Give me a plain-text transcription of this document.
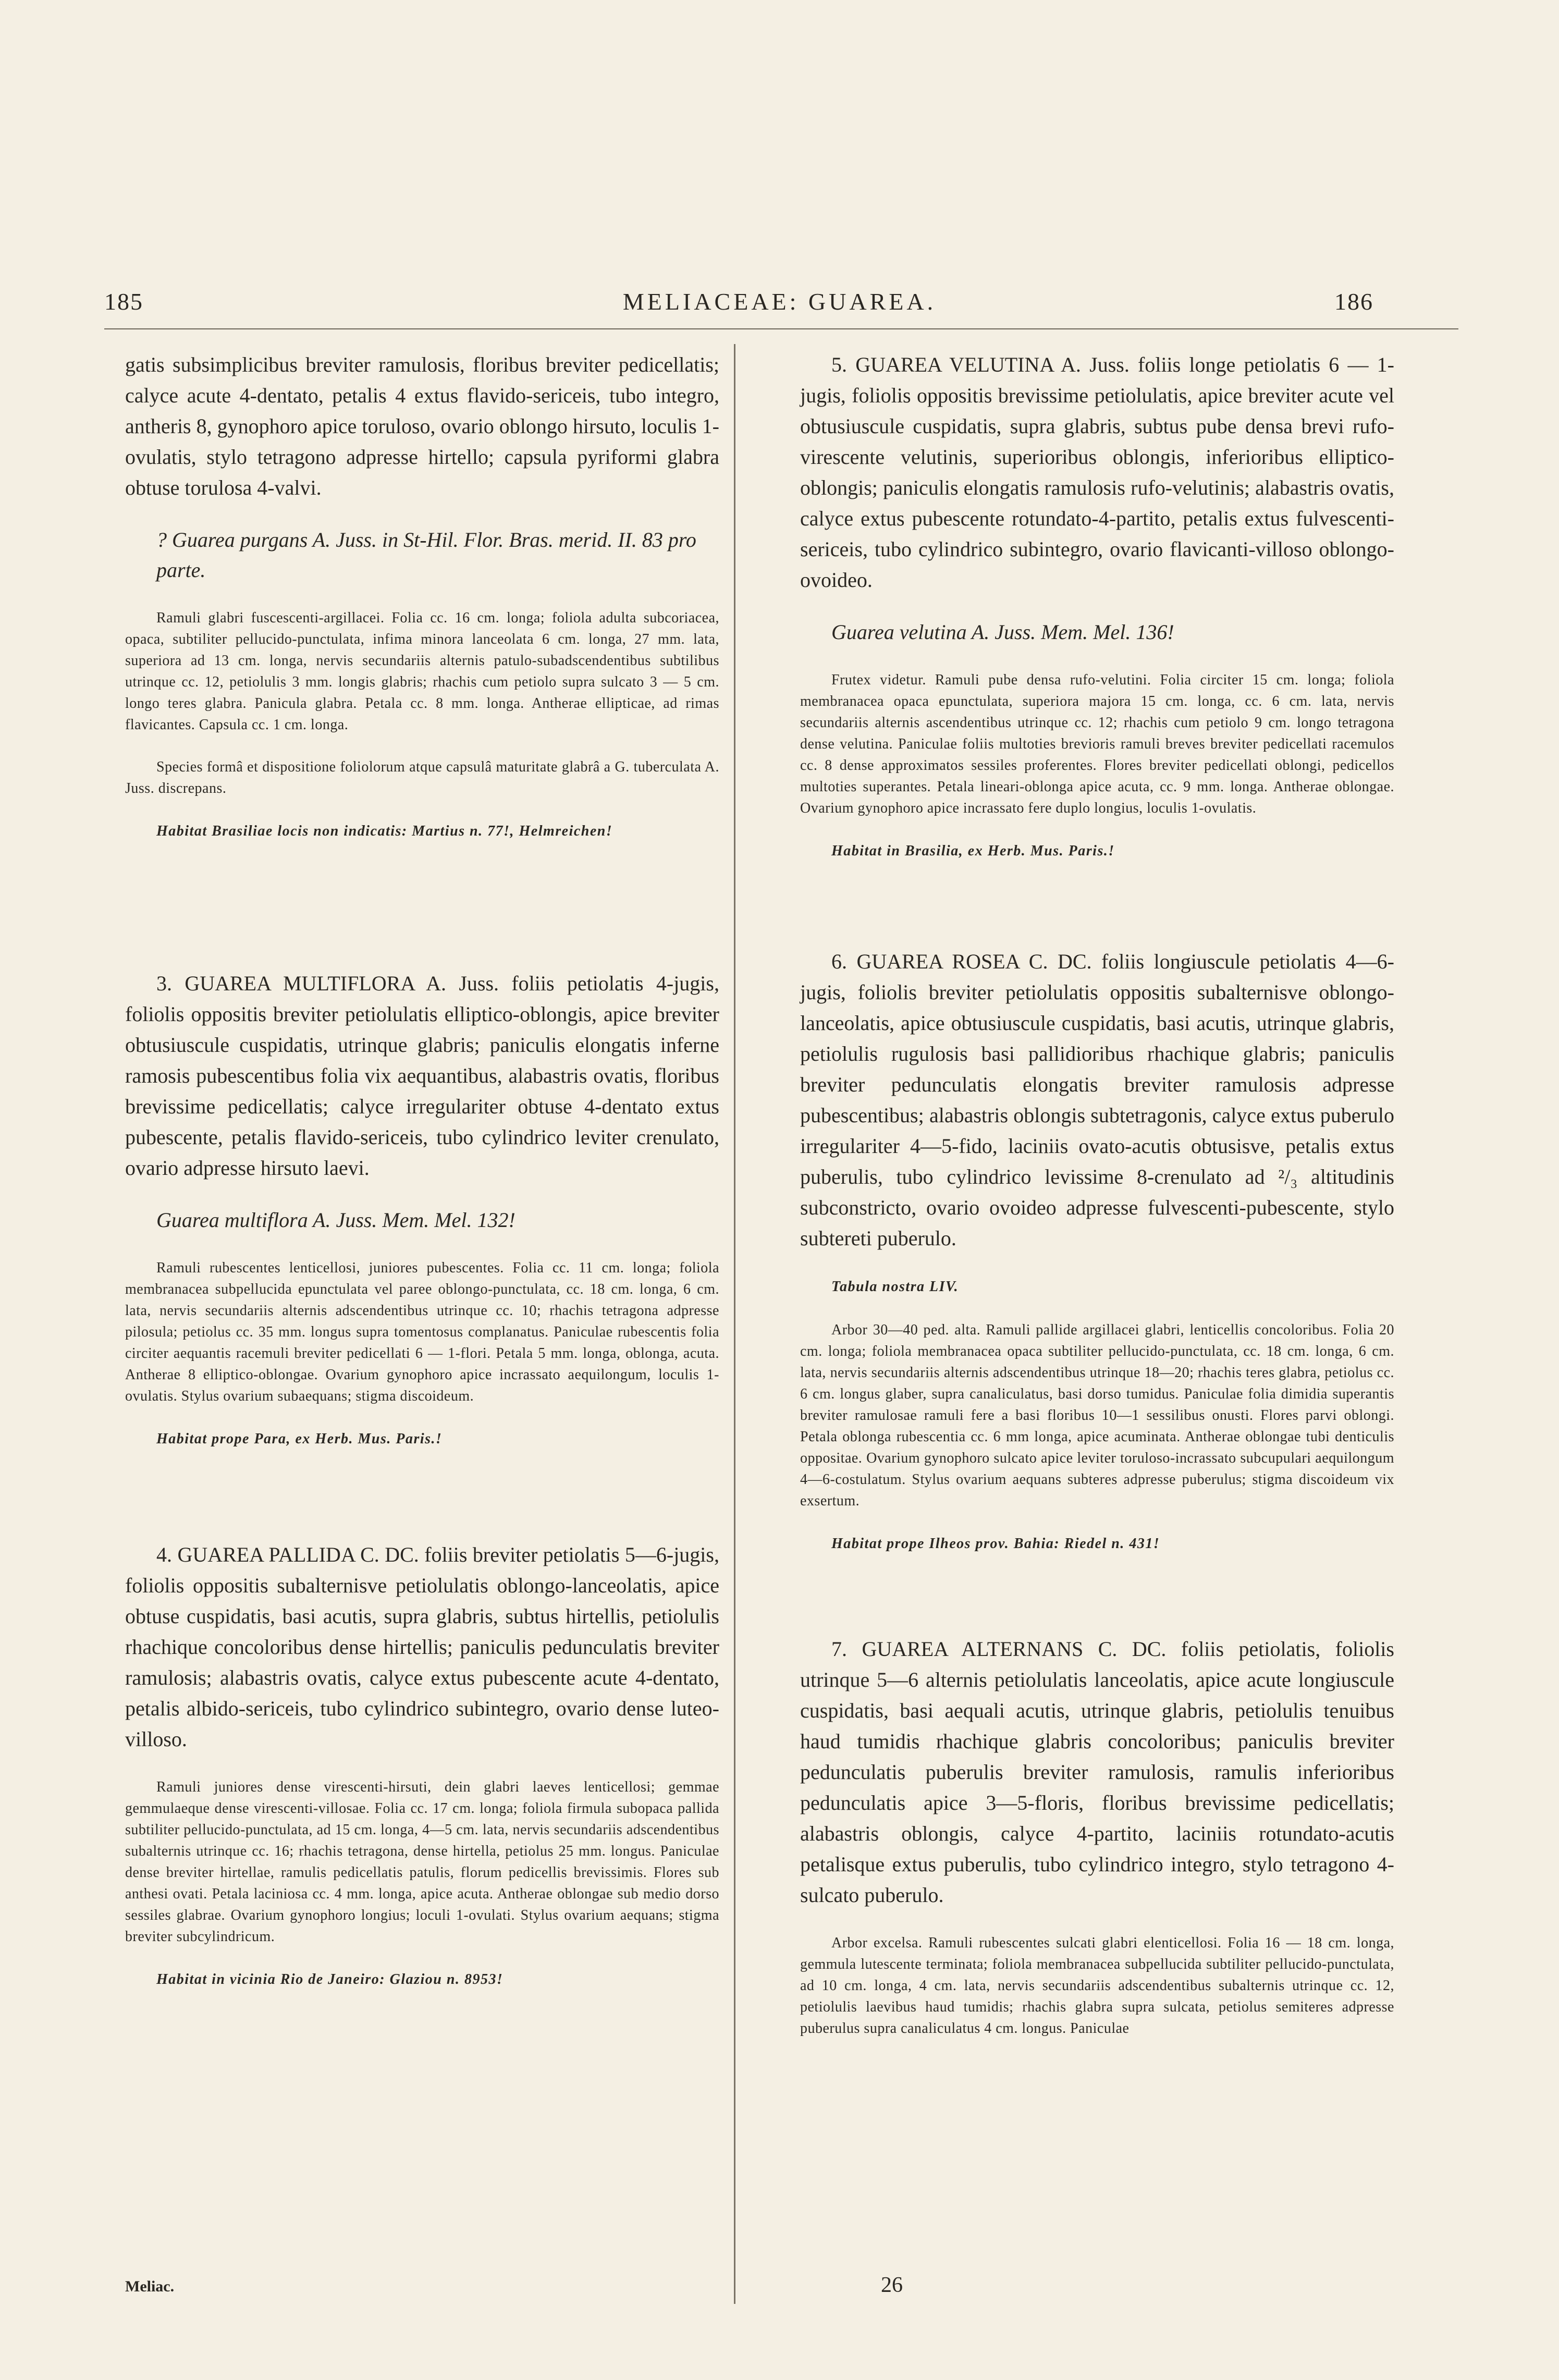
MELIACEAE: GUAREA.
185	186

gatis subsimplicibus breviter ramulosis, floribus breviter pedicellatis; calyce acute 4-dentato, petalis 4 extus flavido-sericeis, tubo integro, antheris 8, gynophoro apice toruloso, ovario oblongo hirsuto, loculis 1-ovulatis, stylo tetragono adpresse hirtello; capsula pyriformi glabra obtuse torulosa 4-valvi.

? Guarea purgans A. Juss. in St-Hil. Flor. Bras. merid. II. 83 pro parte.

Ramuli glabri fuscescenti-argillacei. Folia cc. 16 cm. longa; foliola adulta subcoriacea, opaca, subtiliter pellucido-punctulata, infima minora lanceolata 6 cm. longa, 27 mm. lata, superiora ad 13 cm. longa, nervis secundariis alternis patulo-subadscendentibus subtilibus utrinque cc. 12, petiolulis 3 mm. longis glabris; rhachis cum petiolo supra sulcato 3 — 5 cm. longo teres glabra. Panicula glabra. Petala cc. 8 mm. longa. Antherae ellipticae, ad rimas flavicantes. Capsula cc. 1 cm. longa.

Species formâ et dispositione foliolorum atque capsulâ maturitate glabrâ a G. tuberculata A. Juss. discrepans.

Habitat Brasiliae locis non indicatis: Martius n. 77!, Helmreichen!

3. GUAREA MULTIFLORA A. Juss. foliis petiolatis 4-jugis, foliolis oppositis breviter petiolulatis elliptico-oblongis, apice breviter obtusiuscule cuspidatis, utrinque glabris; paniculis elongatis inferne ramosis pubescentibus folia vix aequantibus, alabastris ovatis, floribus brevissime pedicellatis; calyce irregulariter obtuse 4-dentato extus pubescente, petalis flavido-sericeis, tubo cylindrico leviter crenulato, ovario adpresse hirsuto laevi.

Guarea multiflora A. Juss. Mem. Mel. 132!

Ramuli rubescentes lenticellosi, juniores pubescentes. Folia cc. 11 cm. longa; foliola membranacea subpellucida epunctulata vel paree oblongo-punctulata, cc. 18 cm. longa, 6 cm. lata, nervis secundariis alternis adscendentibus utrinque cc. 10; rhachis tetragona adpresse pilosula; petiolus cc. 35 mm. longus supra tomentosus complanatus. Paniculae rubescentis folia circiter aequantis racemuli breviter pedicellati 6 — 1-flori. Petala 5 mm. longa, oblonga, acuta. Antherae 8 elliptico-oblongae. Ovarium gynophoro apice incrassato aequilongum, loculis 1-ovulatis. Stylus ovarium subaequans; stigma discoideum.

Habitat prope Para, ex Herb. Mus. Paris.!

4. GUAREA PALLIDA C. DC. foliis breviter petiolatis 5—6-jugis, foliolis oppositis subalternisve petiolulatis oblongo-lanceolatis, apice obtuse cuspidatis, basi acutis, supra glabris, subtus hirtellis, petiolulis rhachique concoloribus dense hirtellis; paniculis pedunculatis breviter ramulosis; alabastris ovatis, calyce extus pubescente acute 4-dentato, petalis albido-sericeis, tubo cylindrico subintegro, ovario dense luteo-villoso.

Ramuli juniores dense virescenti-hirsuti, dein glabri laeves lenticellosi; gemmae gemmulaeque dense virescenti-villosae. Folia cc. 17 cm. longa; foliola firmula subopaca pallida subtiliter pellucido-punctulata, ad 15 cm. longa, 4—5 cm. lata, nervis secundariis adscendentibus subalternis utrinque cc. 16; rhachis tetragona, dense hirtella, petiolus 25 mm. longus. Paniculae dense breviter hirtellae, ramulis pedicellatis patulis, florum pedicellis brevissimis. Flores sub anthesi ovati. Petala laciniosa cc. 4 mm. longa, apice acuta. Antherae oblongae sub medio dorso sessiles glabrae. Ovarium gynophoro longius; loculi 1-ovulati. Stylus ovarium aequans; stigma breviter subcylindricum.

Habitat in vicinia Rio de Janeiro: Glaziou n. 8953!

5. GUAREA VELUTINA A. Juss. foliis longe petiolatis 6 — 1-jugis, foliolis oppositis brevissime petiolulatis, apice breviter acute vel obtusiuscule cuspidatis, supra glabris, subtus pube densa brevi rufo-virescente velutinis, superioribus oblongis, inferioribus elliptico-oblongis; paniculis elongatis ramulosis rufo-velutinis; alabastris ovatis, calyce extus pubescente rotundato-4-partito, petalis extus fulvescenti-sericeis, tubo cylindrico subintegro, ovario flavicanti-villoso oblongo-ovoideo.

Guarea velutina A. Juss. Mem. Mel. 136!

Frutex videtur. Ramuli pube densa rufo-velutini. Folia circiter 15 cm. longa; foliola membranacea opaca epunctulata, superiora majora 15 cm. longa, cc. 6 cm. lata, nervis secundariis alternis ascendentibus utrinque cc. 12; rhachis cum petiolo 9 cm. longo tetragona dense velutina. Paniculae foliis multoties brevioris ramuli breves breviter pedicellati racemulos cc. 8 dense approximatos sessiles proferentes. Flores breviter pedicellati oblongi, pedicellos multoties superantes. Petala lineari-oblonga apice acuta, cc. 9 mm. longa. Antherae oblongae. Ovarium gynophoro apice incrassato fere duplo longius, loculis 1-ovulatis.

Habitat in Brasilia, ex Herb. Mus. Paris.!

6. GUAREA ROSEA C. DC. foliis longiuscule petiolatis 4—6-jugis, foliolis breviter petiolulatis oppositis subalternisve oblongo-lanceolatis, apice obtusiuscule cuspidatis, basi acutis, utrinque glabris, petiolulis rugulosis basi pallidioribus rhachique glabris; paniculis breviter pedunculatis elongatis breviter ramulosis adpresse pubescentibus; alabastris oblongis subtetragonis, calyce extus puberulo irregulariter 4—5-fido, laciniis ovato-acutis obtusisve, petalis extus puberulis, tubo cylindrico levissime 8-crenulato ad ²/₃ altitudinis subconstricto, ovario ovoideo adpresse fulvescenti-pubescente, stylo subtereti puberulo.

Tabula nostra LIV.

Arbor 30—40 ped. alta. Ramuli pallide argillacei glabri, lenticellis concoloribus. Folia 20 cm. longa; foliola membranacea opaca subtiliter pellucido-punctulata, cc. 18 cm. longa, 6 cm. lata, nervis secundariis alternis adscendentibus utrinque 18—20; rhachis teres glabra, petiolus cc. 6 cm. longus glaber, supra canaliculatus, basi dorso tumidus. Paniculae folia dimidia superantis breviter ramulosae ramuli fere a basi floribus 10—1 sessilibus onusti. Flores parvi oblongi. Petala oblonga rubescentia cc. 6 mm longa, apice acuminata. Antherae oblongae tubi denticulis oppositae. Ovarium gynophoro sulcato apice leviter toruloso-incrassato subcupulari aequilongum 4—6-costulatum. Stylus ovarium aequans subteres adpresse puberulus; stigma discoideum vix exsertum.

Habitat prope Ilheos prov. Bahia: Riedel n. 431!

7. GUAREA ALTERNANS C. DC. foliis petiolatis, foliolis utrinque 5—6 alternis petiolulatis lanceolatis, apice acute longiuscule cuspidatis, basi aequali acutis, utrinque glabris, petiolulis tenuibus haud tumidis rhachique glabris concoloribus; paniculis breviter pedunculatis puberulis breviter ramulosis, ramulis inferioribus pedunculatis apice 3—5-floris, floribus brevissime pedicellatis; alabastris oblongis, calyce 4-partito, laciniis rotundato-acutis petalisque extus puberulis, tubo cylindrico integro, stylo tetragono 4-sulcato puberulo.

Arbor excelsa. Ramuli rubescentes sulcati glabri elenticellosi. Folia 16 — 18 cm. longa, gemmula lutescente terminata; foliola membranacea subpellucida subtiliter pellucido-punctulata, ad 10 cm. longa, 4 cm. lata, nervis secundariis adscendentibus subalternis utrinque cc. 12, petiolulis laevibus haud tumidis; rhachis glabra supra sulcata, petiolus semiteres adpresse puberulus supra canaliculatus 4 cm. longus. Paniculae

Meliac.	26
